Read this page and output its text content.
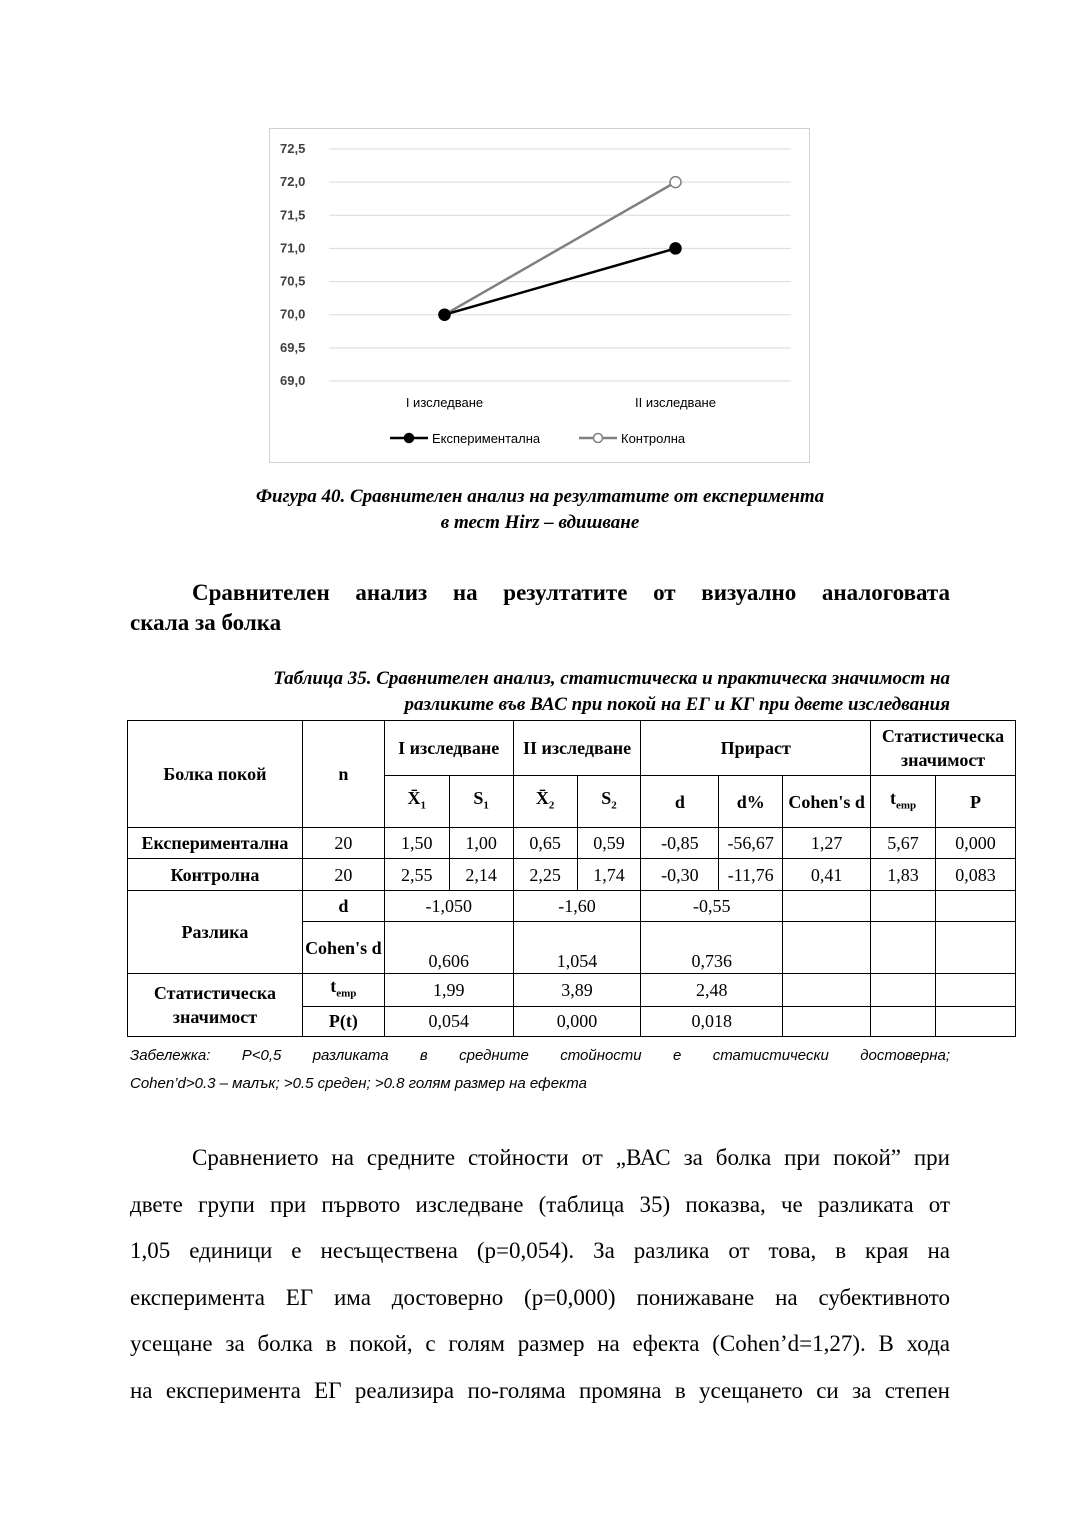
72,5
72,0
71,5
71,0
70,5
70,0
69,5
69,0
I изследване	II изследване
Експериментална	Контролна
Фигура 40. Сравнителен анализ на резултатите от експеримента
в тест Hirz – вдишване
Сравнителен анализ на резултатите от визуално аналоговата
скала за болка
Таблица 35. Сравнителен анализ, статистическа и практическа значимост на
разликите във ВАС при покой на ЕГ и КГ при двете изследвания
Болка покой	n	I изследване		II изследване		Прираст			Статистическа значимост	
		$X̄_1$	$S_1$	$X̄_2$	$S_2$	d	d%	Cohen's d	$t_{emp}$	P
Експериментална	20	1,50	1,00	0,65	0,59	-0,85	-56,67	1,27	5,67	0,000
Контролна	20	2,55	2,14	2,25	1,74	-0,30	-11,76	0,41	1,83	0,083
Разлика	d	-1,050		-1,60		-0,55				
	Cohen's d	0,606		1,054		0,736				
Статистическа значимост	$t_{emp}$	1,99		3,89		2,48				
	P(t)	0,054		0,000		0,018				
Забележка: P<0,5 разликата в средните стойности е статистически достоверна;
Cohen’d>0.3 – малък; >0.5 среден; >0.8 голям размер на ефекта
Сравнението на средните стойности от „ВАС за болка при покой” при
двете групи при първото изследване (таблица 35) показва, че разликата от
1,05 единици е несъществена (p=0,054). За разлика от това, в края на
експеримента ЕГ има достоверно (p=0,000) понижаване на субективното
усещане за болка в покой, с голям размер на ефекта (Cohen’d=1,27). В хода
на експеримента ЕГ реализира по-голяма промяна в усещането си за степен
